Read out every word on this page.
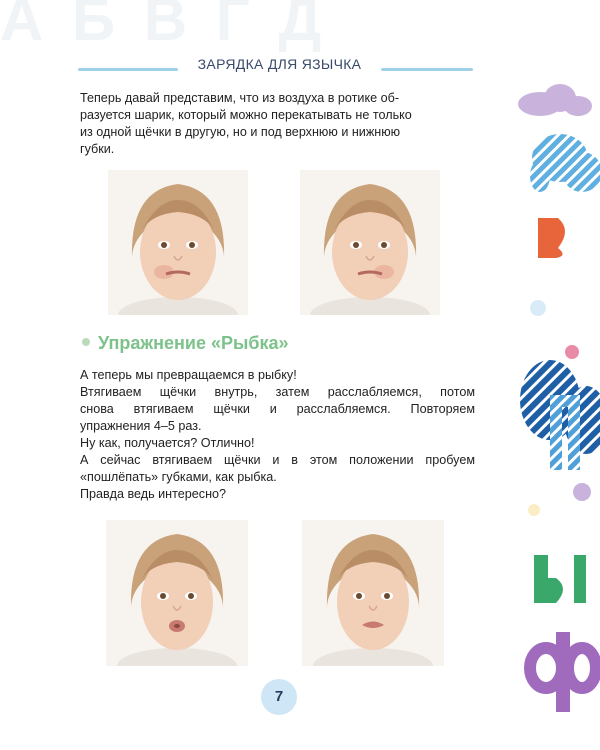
А Б В Г Д
ЗАРЯДКА ДЛЯ ЯЗЫЧКА
Теперь давай представим, что из воздуха в ротике об-
разуется шарик, который можно перекатывать не только
из одной щёчки в другую, но и под верхнюю и нижнюю
губки.
Упражнение «Рыбка»
А теперь мы превращаемся в рыбку!
Втягиваем щёчки внутрь, затем расслабляемся, потом
снова втягиваем щёчки и расслабляемся. Повторяем
упражнения 4–5 раз.
Ну как, получается? Отлично!
А сейчас втягиваем щёчки и в этом положении пробуем
«пошлёпать» губками, как рыбка.
Правда ведь интересно?
7
